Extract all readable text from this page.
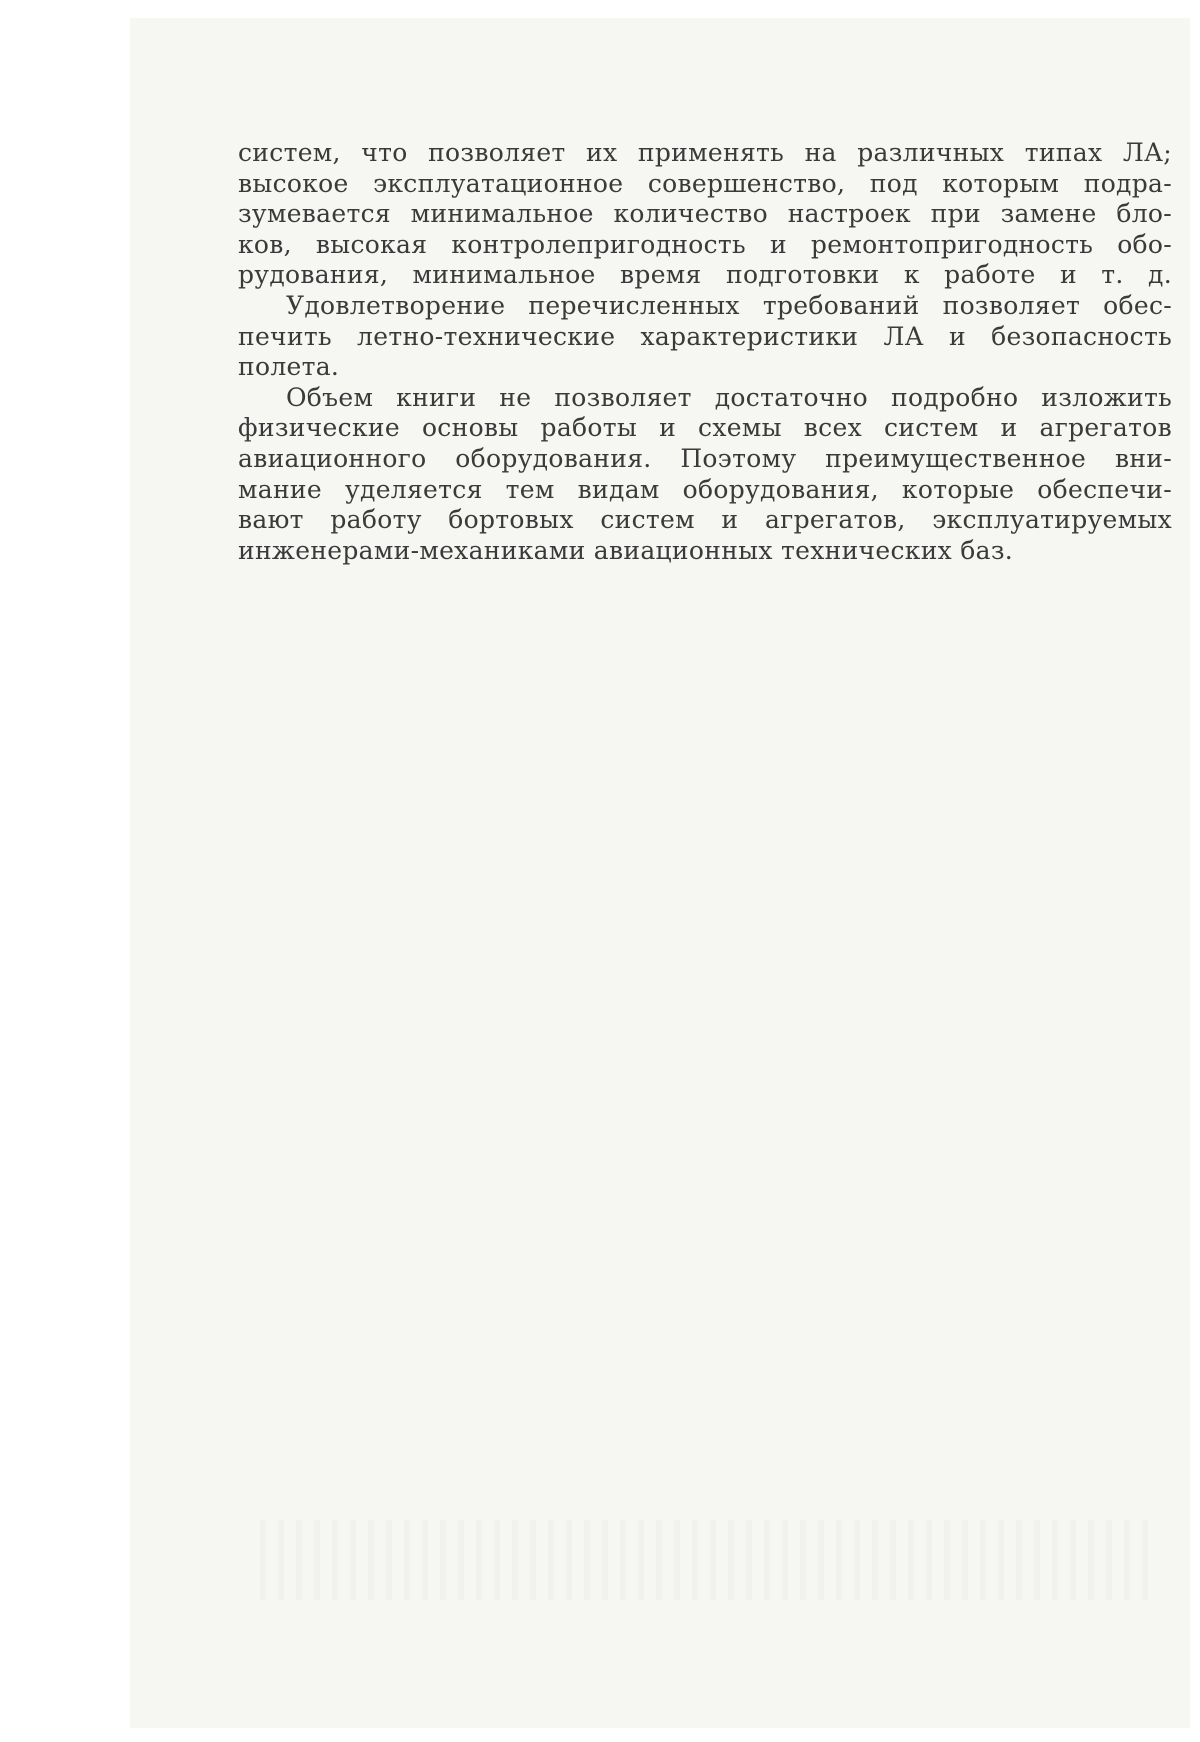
систем, что позволяет их применять на различных типах ЛА;
высокое эксплуатационное совершенство, под которым подра-
зумевается минимальное количество настроек при замене бло-
ков, высокая контролепригодность и ремонтопригодность обо-
рудования, минимальное время подготовки к работе и т. д.
Удовлетворение перечисленных требований позволяет обес-
печить летно-технические характеристики ЛА и безопасность
полета.
Объем книги не позволяет достаточно подробно изложить
физические основы работы и схемы всех систем и агрегатов
авиационного оборудования. Поэтому преимущественное вни-
мание уделяется тем видам оборудования, которые обеспечи-
вают работу бортовых систем и агрегатов, эксплуатируемых
инженерами-механиками авиационных технических баз.
